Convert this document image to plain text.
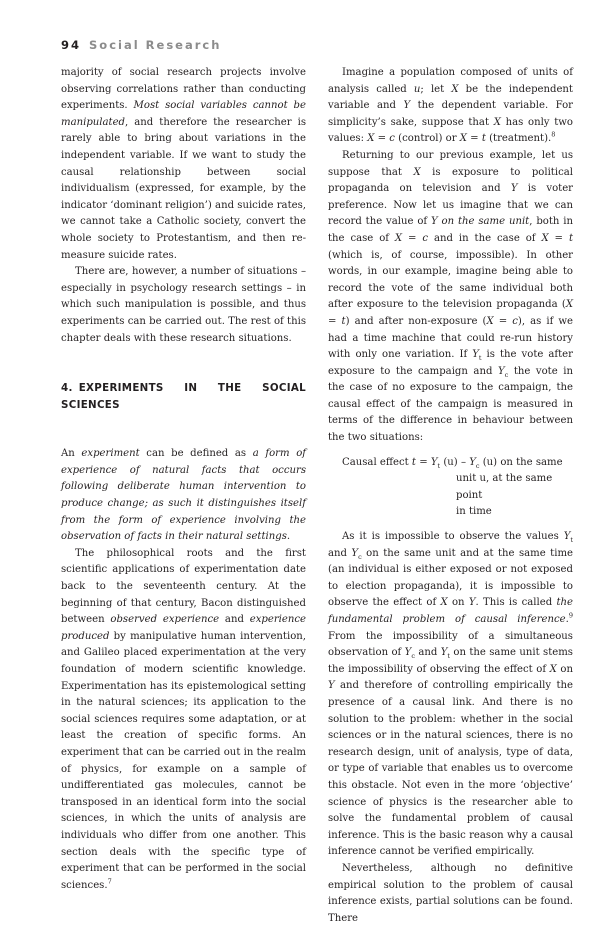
94 Social Research

majority of social research projects involve observing correlations rather than conducting experiments. Most social variables cannot be manipulated, and therefore the researcher is rarely able to bring about variations in the independent variable. If we want to study the causal relationship between social individualism (expressed, for example, by the indicator ‘dominant religion’) and suicide rates, we cannot take a Catholic society, convert the whole society to Protestantism, and then re-measure suicide rates.

There are, however, a number of situations – especially in psychology research settings – in which such manipulation is possible, and thus experiments can be carried out. The rest of this chapter deals with these research situations.

4. EXPERIMENTS IN THE SOCIAL SCIENCES

An experiment can be defined as a form of experience of natural facts that occurs following deliberate human intervention to produce change; as such it distinguishes itself from the form of experience involving the observation of facts in their natural settings.

The philosophical roots and the first scientific applications of experimentation date back to the seventeenth century. At the beginning of that century, Bacon distinguished between observed experience and experience produced by manipulative human intervention, and Galileo placed experimentation at the very foundation of modern scientific knowledge. Experimentation has its epistemological setting in the natural sciences; its application to the social sciences requires some adaptation, or at least the creation of specific forms. An experiment that can be carried out in the realm of physics, for example on a sample of undifferentiated gas molecules, cannot be transposed in an identical form into the social sciences, in which the units of analysis are individuals who differ from one another. This section deals with the specific type of experiment that can be performed in the social sciences.$^7$

Imagine a population composed of units of analysis called u; let X be the independent variable and Y the dependent variable. For simplicity’s sake, suppose that X has only two values: X = c (control) or X = t (treatment).$^8$

Returning to our previous example, let us suppose that X is exposure to political propaganda on television and Y is voter preference. Now let us imagine that we can record the value of Y on the same unit, both in the case of X = c and in the case of X = t (which is, of course, impossible). In other words, in our example, imagine being able to record the vote of the same individual both after exposure to the television propaganda (X = t) and after non-exposure (X = c), as if we had a time machine that could re-run history with only one variation. If $Y_t$ is the vote after exposure to the campaign and $Y_c$ the vote in the case of no exposure to the campaign, the causal effect of the campaign is measured in terms of the difference in behaviour between the two situations:

Causal effect $t = Y_t$ $(u) - Y_c$ (u) on the same
unit u, at the same point
in time

As it is impossible to observe the values $Y_t$ and $Y_c$ on the same unit and at the same time (an individual is either exposed or not exposed to election propaganda), it is impossible to observe the effect of X on Y. This is called the fundamental problem of causal inference.$^9$ From the impossibility of a simultaneous observation of $Y_c$ and $Y_t$ on the same unit stems the impossibility of observing the effect of X on Y and therefore of controlling empirically the presence of a causal link. And there is no solution to the problem: whether in the social sciences or in the natural sciences, there is no research design, unit of analysis, type of data, or type of variable that enables us to overcome this obstacle. Not even in the more ‘objective’ science of physics is the researcher able to solve the fundamental problem of causal inference. This is the basic reason why a causal inference cannot be verified empirically.

Nevertheless, although no definitive empirical solution to the problem of causal inference exists, partial solutions can be found. There
